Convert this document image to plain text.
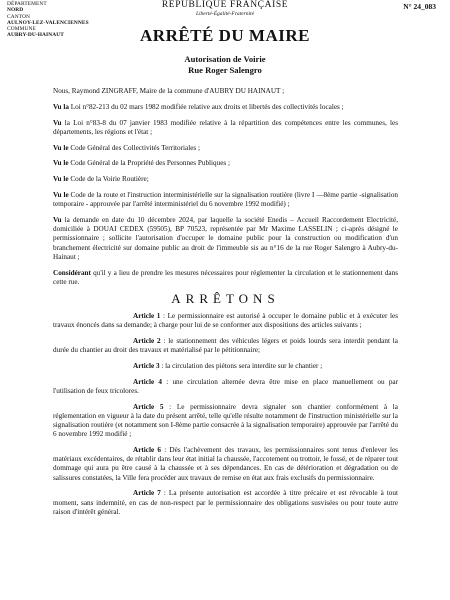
DÉPARTEMENT
NORD
CANTON
AULNOY-LEZ-VALENCIENNES
COMMUNE
AUBRY-DU-HAINAUT
RÉPUBLIQUE FRANÇAISE
Liberté-Égalité-Fraternité
N° 24_083
ARRÊTÉ DU MAIRE
Autorisation de Voirie
Rue Roger Salengro

Nous, Raymond ZINGRAFF, Maire de la commune d'AUBRY DU HAINAUT ;

Vu la Loi n°82-213 du 02 mars 1982 modifiée relative aux droits et libertés des collectivités locales ;

Vu la Loi n°83-8 du 07 janvier 1983 modifiée relative à la répartition des compétences entre les communes, les départements, les régions et l'état ;

Vu le Code Général des Collectivités Territoriales ;

Vu le Code Général de la Propriété des Personnes Publiques ;

Vu le Code de la Voirie Routière;

Vu le Code de la route et l'instruction interministérielle sur la signalisation routière (livre I —8ème partie -signalisation temporaire - approuvée par l'arrêté interministériel du 6 novembre 1992 modifié) ;

Vu la demande en date du 10 décembre 2024, par laquelle la société Enedis – Accueil Raccordement Electricité, domiciliée à DOUAI CEDEX (59505), BP 70523, représentée par Mr Maxime LASSELIN ; ci-après désigné le permissionnaire ; sollicite l'autorisation d'occuper le domaine public pour la construction ou modification d'un branchement électricité sur domaine public au droit de l'immeuble sis au n°16 de la rue Roger Salengro à Aubry-du-Hainaut ;

Considérant qu'il y a lieu de prendre les mesures nécessaires pour réglementer la circulation et le stationnement dans cette rue.

ARRÊTONS

Article 1 : Le permissionnaire est autorisé à occuper le domaine public et à exécuter les travaux énoncés dans sa demande; à charge pour lui de se conformer aux dispositions des articles suivants ;

Article 2 : le stationnement des véhicules légers et poids lourds sera interdit pendant la durée du chantier au droit des travaux et matérialisé par le pétitionnaire;

Article 3 : la circulation des piétons sera interdite sur le chantier ;

Article 4 : une circulation alternée devra être mise en place manuellement ou par l'utilisation de feux tricolores.

Article 5 : Le permissionnaire devra signaler son chantier conformément à la réglementation en vigueur à la date du présent arrêté, telle qu'elle résulte notamment de l'instruction ministérielle sur la signalisation routière (et notamment son I-8ème partie consacrée à la signalisation temporaire) approuvée par l'arrêté du 6 novembre 1992 modifié ;

Article 6 : Dès l'achèvement des travaux, les permissionnaires sont tenus d'enlever les matériaux excédentaires, de rétablir dans leur état initial la chaussée, l'accotement ou trottoir, le fossé, et de réparer tout dommage qui aura pu être causé à la chaussée et à ses dépendances. En cas de détérioration et dégradation ou de salissures constatées, la Ville fera procéder aux travaux de remise en état aux frais exclusifs du permissionnaire.

Article 7 : La présente autorisation est accordée à titre précaire et est révocable à tout moment, sans indemnité, en cas de non-respect par le permissionnaire des obligations susvisées ou pour toute autre raison d'intérêt général.
